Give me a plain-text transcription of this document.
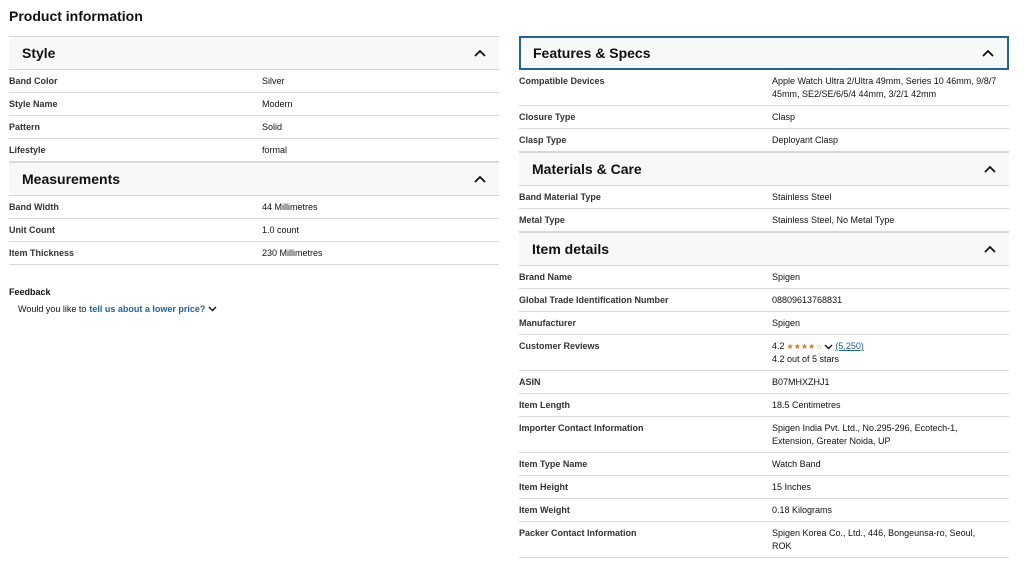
Product information
Style
Band Color	Silver
Style Name	Modern
Pattern	Solid
Lifestyle	formal
Measurements
Band Width	44 Millimetres
Unit Count	1.0 count
Item Thickness	230 Millimetres
Feedback
Would you like to tell us about a lower price?
Features & Specs
Compatible Devices	Apple Watch Ultra 2/Ultra 49mm, Series 10 46mm, 9/8/7 45mm, SE2/SE/6/5/4 44mm, 3/2/1 42mm
Closure Type	Clasp
Clasp Type	Deployant Clasp
Materials & Care
Band Material Type	Stainless Steel
Metal Type	Stainless Steel, No Metal Type
Item details
Brand Name	Spigen
Global Trade Identification Number	08809613768831
Manufacturer	Spigen
Customer Reviews	4.2 ★★★★☆ (5,250)
4.2 out of 5 stars
ASIN	B07MHXZHJ1
Item Length	18.5 Centimetres
Importer Contact Information	Spigen India Pvt. Ltd., No.295-296, Ecotech-1, Extension, Greater Noida, UP
Item Type Name	Watch Band
Item Height	15 Inches
Item Weight	0.18 Kilograms
Packer Contact Information	Spigen Korea Co., Ltd., 446, Bongeunsa-ro, Seoul, ROK
